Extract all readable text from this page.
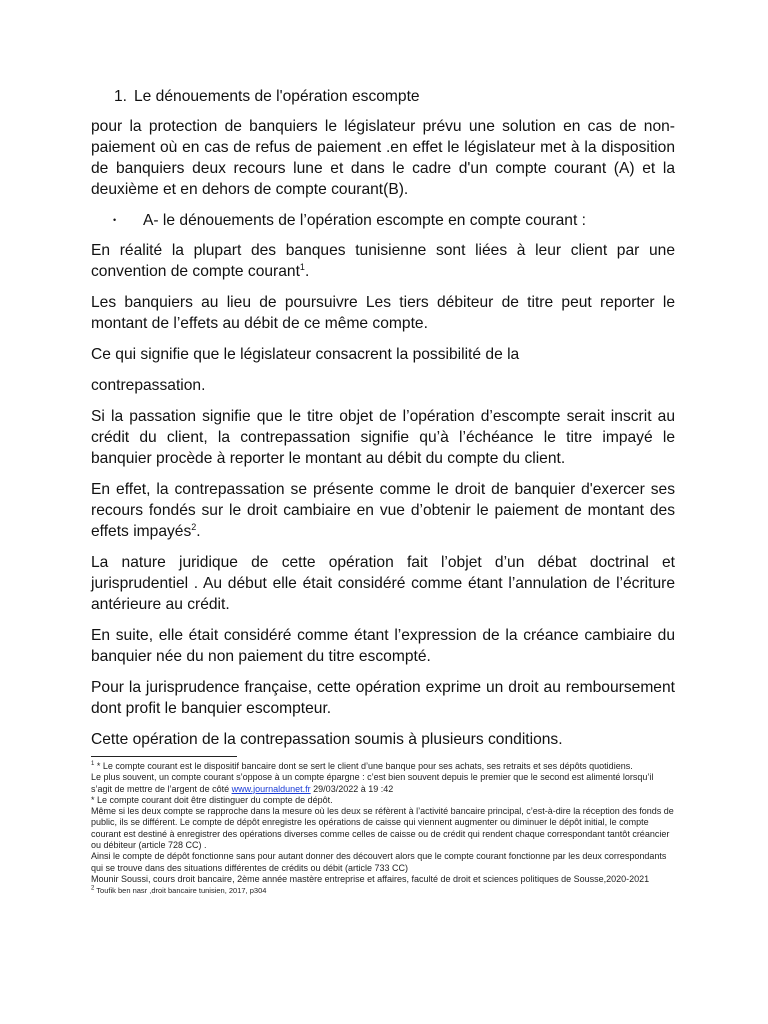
1. Le dénouements de l'opération escompte

pour la protection de banquiers le législateur prévu une solution en cas de non-paiement où en cas de refus de paiement .en effet le législateur met à la disposition de banquiers deux recours lune et dans le cadre d'un compte courant (A) et la deuxième et en dehors de compte courant(B).

•	A- le dénouements de l’opération escompte en compte courant :

En réalité la plupart des banques tunisienne sont liées à leur client par une convention de compte courant$^1$.

Les banquiers au lieu de poursuivre Les tiers débiteur de titre peut reporter le montant de l’effets au débit de ce même compte.

Ce qui signifie que le législateur consacrent la possibilité de la

contrepassation.

Si la passation signifie que le titre objet de l’opération d’escompte serait inscrit au crédit du client, la contrepassation signifie qu’à l’échéance le titre impayé le banquier procède à reporter le montant au débit du compte du client.

En effet, la contrepassation se présente comme le droit de banquier d'exercer ses recours fondés sur le droit cambiaire en vue d’obtenir le paiement de montant des effets impayés$^2$.

La nature juridique de cette opération fait l’objet d’un débat doctrinal et jurisprudentiel . Au début elle était considéré comme étant l’annulation de l’écriture antérieure au crédit.

En suite, elle était considéré comme étant l’expression de la créance cambiaire du banquier née du non paiement du titre escompté.

Pour la jurisprudence française, cette opération exprime un droit au remboursement dont profit le banquier escompteur.

Cette opération de la contrepassation soumis à plusieurs conditions.

$^1$ * Le compte courant est le dispositif bancaire dont se sert le client d’une banque pour ses achats, ses retraits et ses dépôts quotidiens.

Le plus souvent, un compte courant s’oppose à un compte épargne : c’est bien souvent depuis le premier que le second est alimenté lorsqu’il s’agit de mettre de l’argent de côté www.journaldunet.fr 29/03/2022 à 19 :42

* Le compte courant doit être distinguer du compte de dépôt.

Même si les deux compte se rapproche dans la mesure où les deux se réfèrent à l’activité bancaire principal, c’est-à-dire la réception des fonds de public, ils se différent. Le compte de dépôt enregistre les opérations de caisse qui viennent augmenter ou diminuer le dépôt initial, le compte courant est destiné à enregistrer des opérations diverses comme celles de caisse ou de crédit qui rendent chaque correspondant tantôt créancier ou débiteur (article 728 CC) .

Ainsi le compte de dépôt fonctionne sans pour autant donner des découvert alors que le compte courant fonctionne par les deux correspondants qui se trouve dans des situations différentes de crédits ou débit (article 733 CC)

Mounir Soussi, cours droit bancaire, 2ème année mastère entreprise et affaires, faculté de droit et sciences politiques de Sousse,2020-2021

$^2$ Toufik ben nasr ,droit bancaire tunisien, 2017, p304
